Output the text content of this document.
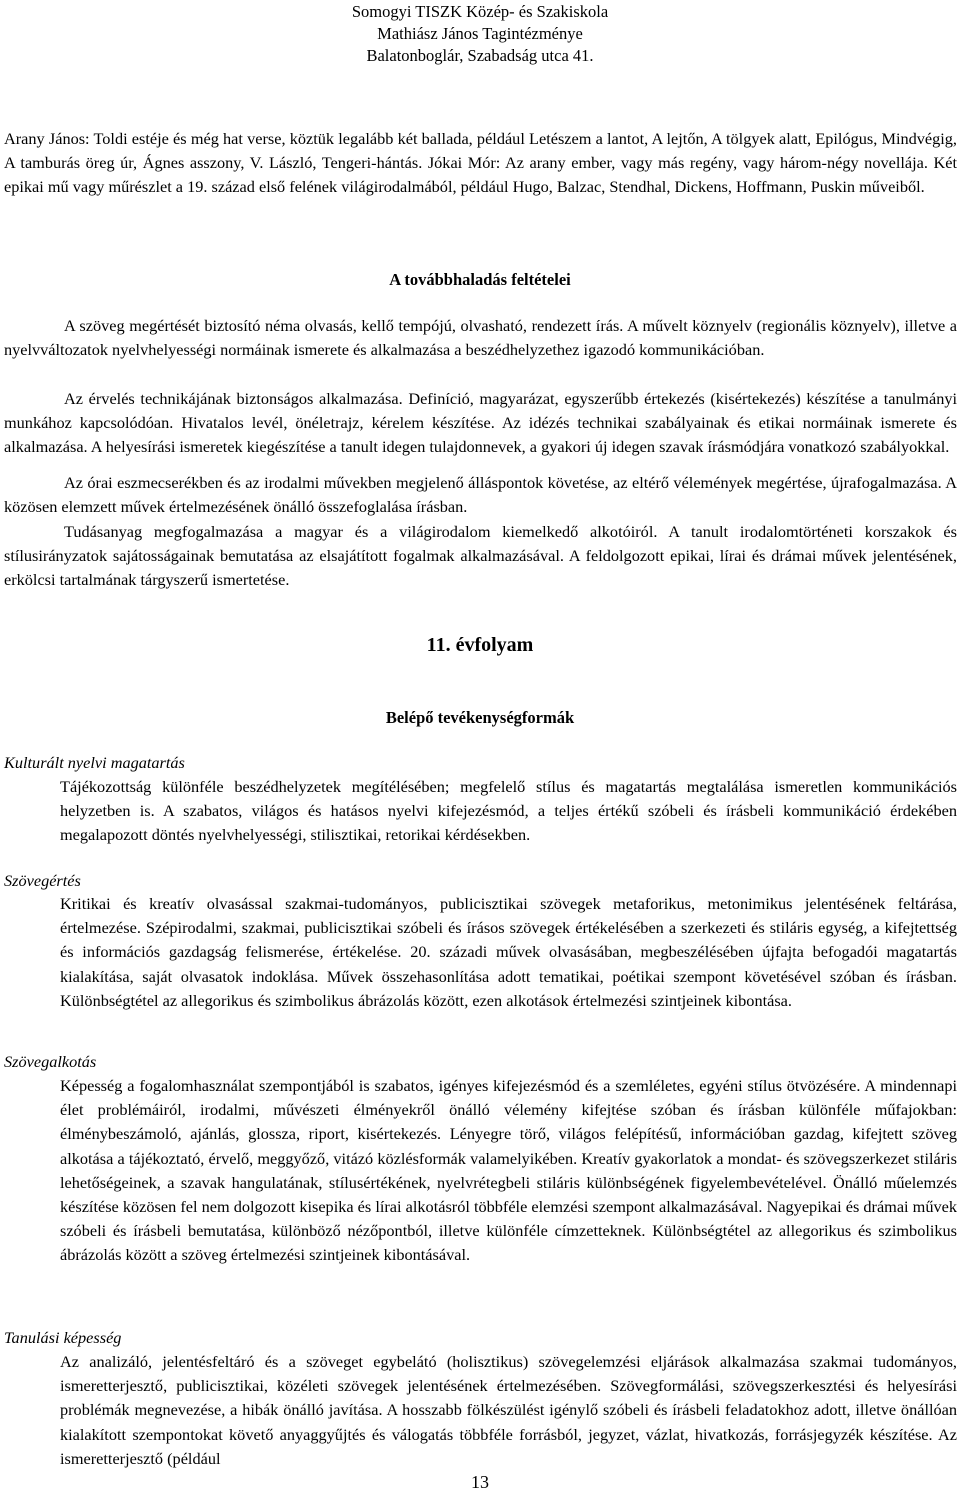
Somogyi TISZK Közép- és Szakiskola
Mathiász János Tagintézménye
Balatonboglár, Szabadság utca 41.

Arany János: Toldi estéje és még hat verse, köztük legalább két ballada, például Letészem a lantot, A lejtőn, A tölgyek alatt, Epilógus, Mindvégig, A tamburás öreg úr, Ágnes asszony, V. László, Tengeri-hántás. Jókai Mór: Az arany ember, vagy más regény, vagy három-négy novellája. Két epikai mű vagy műrészlet a 19. század első felének világirodalmából, például Hugo, Balzac, Stendhal, Dickens, Hoffmann, Puskin műveiből.

A továbbhaladás feltételei

A szöveg megértését biztosító néma olvasás, kellő tempójú, olvasható, rendezett írás. A művelt köznyelv (regionális köznyelv), illetve a nyelvváltozatok nyelvhelyességi normáinak ismerete és alkalmazása a beszédhelyzethez igazodó kommunikációban.

Az érvelés technikájának biztonságos alkalmazása. Definíció, magyarázat, egyszerűbb értekezés (kisértekezés) készítése a tanulmányi munkához kapcsolódóan. Hivatalos levél, önéletrajz, kérelem készítése. Az idézés technikai szabályainak és etikai normáinak ismerete és alkalmazása. A helyesírási ismeretek kiegészítése a tanult idegen tulajdonnevek, a gyakori új idegen szavak írásmódjára vonatkozó szabályokkal.

Az órai eszmecserékben és az irodalmi művekben megjelenő álláspontok követése, az eltérő vélemények megértése, újrafogalmazása. A közösen elemzett művek értelmezésének önálló összefoglalása írásban.

Tudásanyag megfogalmazása a magyar és a világirodalom kiemelkedő alkotóiról. A tanult irodalomtörténeti korszakok és stílusirányzatok sajátosságainak bemutatása az elsajátított fogalmak alkalmazásával. A feldolgozott epikai, lírai és drámai művek jelentésének, erkölcsi tartalmának tárgyszerű ismertetése.

11. évfolyam
Belépő tevékenységformák
Kulturált nyelvi magatartás

Tájékozottság különféle beszédhelyzetek megítélésében; megfelelő stílus és magatartás megtalálása ismeretlen kommunikációs helyzetben is. A szabatos, világos és hatásos nyelvi kifejezésmód, a teljes értékű szóbeli és írásbeli kommunikáció érdekében megalapozott döntés nyelvhelyességi, stilisztikai, retorikai kérdésekben.

Szövegértés

Kritikai és kreatív olvasással szakmai-tudományos, publicisztikai szövegek metaforikus, metonimikus jelentésének feltárása, értelmezése. Szépirodalmi, szakmai, publicisztikai szóbeli és írásos szövegek értékelésében a szerkezeti és stiláris egység, a kifejtettség és információs gazdagság felismerése, értékelése. 20. századi művek olvasásában, megbeszélésében újfajta befogadói magatartás kialakítása, saját olvasatok indoklása. Művek összehasonlítása adott tematikai, poétikai szempont követésével szóban és írásban. Különbségtétel az allegorikus és szimbolikus ábrázolás között, ezen alkotások értelmezési szintjeinek kibontása.

Szövegalkotás

Képesség a fogalomhasználat szempontjából is szabatos, igényes kifejezésmód és a szemléletes, egyéni stílus ötvözésére. A mindennapi élet problémáiról, irodalmi, művészeti élményekről önálló vélemény kifejtése szóban és írásban különféle műfajokban: élménybeszámoló, ajánlás, glossza, riport, kisértekezés. Lényegre törő, világos felépítésű, információban gazdag, kifejtett szöveg alkotása a tájékoztató, érvelő, meggyőző, vitázó közlésformák valamelyikében. Kreatív gyakorlatok a mondat- és szövegszerkezet stiláris lehetőségeinek, a szavak hangulatának, stílusértékének, nyelvrétegbeli stiláris különbségének figyelembevételével. Önálló műelemzés készítése közösen fel nem dolgozott kisepika és lírai alkotásról többféle elemzési szempont alkalmazásával. Nagyepikai és drámai művek szóbeli és írásbeli bemutatása, különböző nézőpontból, illetve különféle címzetteknek. Különbségtétel az allegorikus és szimbolikus ábrázolás között a szöveg értelmezési szintjeinek kibontásával.

Tanulási képesség

Az analizáló, jelentésfeltáró és a szöveget egybelátó (holisztikus) szövegelemzési eljárások alkalmazása szakmai tudományos, ismeretterjesztő, publicisztikai, közéleti szövegek jelentésének értelmezésében. Szövegformálási, szövegszerkesztési és helyesírási problémák megnevezése, a hibák önálló javítása. A hosszabb fölkészülést igénylő szóbeli és írásbeli feladatokhoz adott, illetve önállóan kialakított szempontokat követő anyaggyűjtés és válogatás többféle forrásból, jegyzet, vázlat, hivatkozás, forrásjegyzék készítése. Az ismeretterjesztő (például

13
